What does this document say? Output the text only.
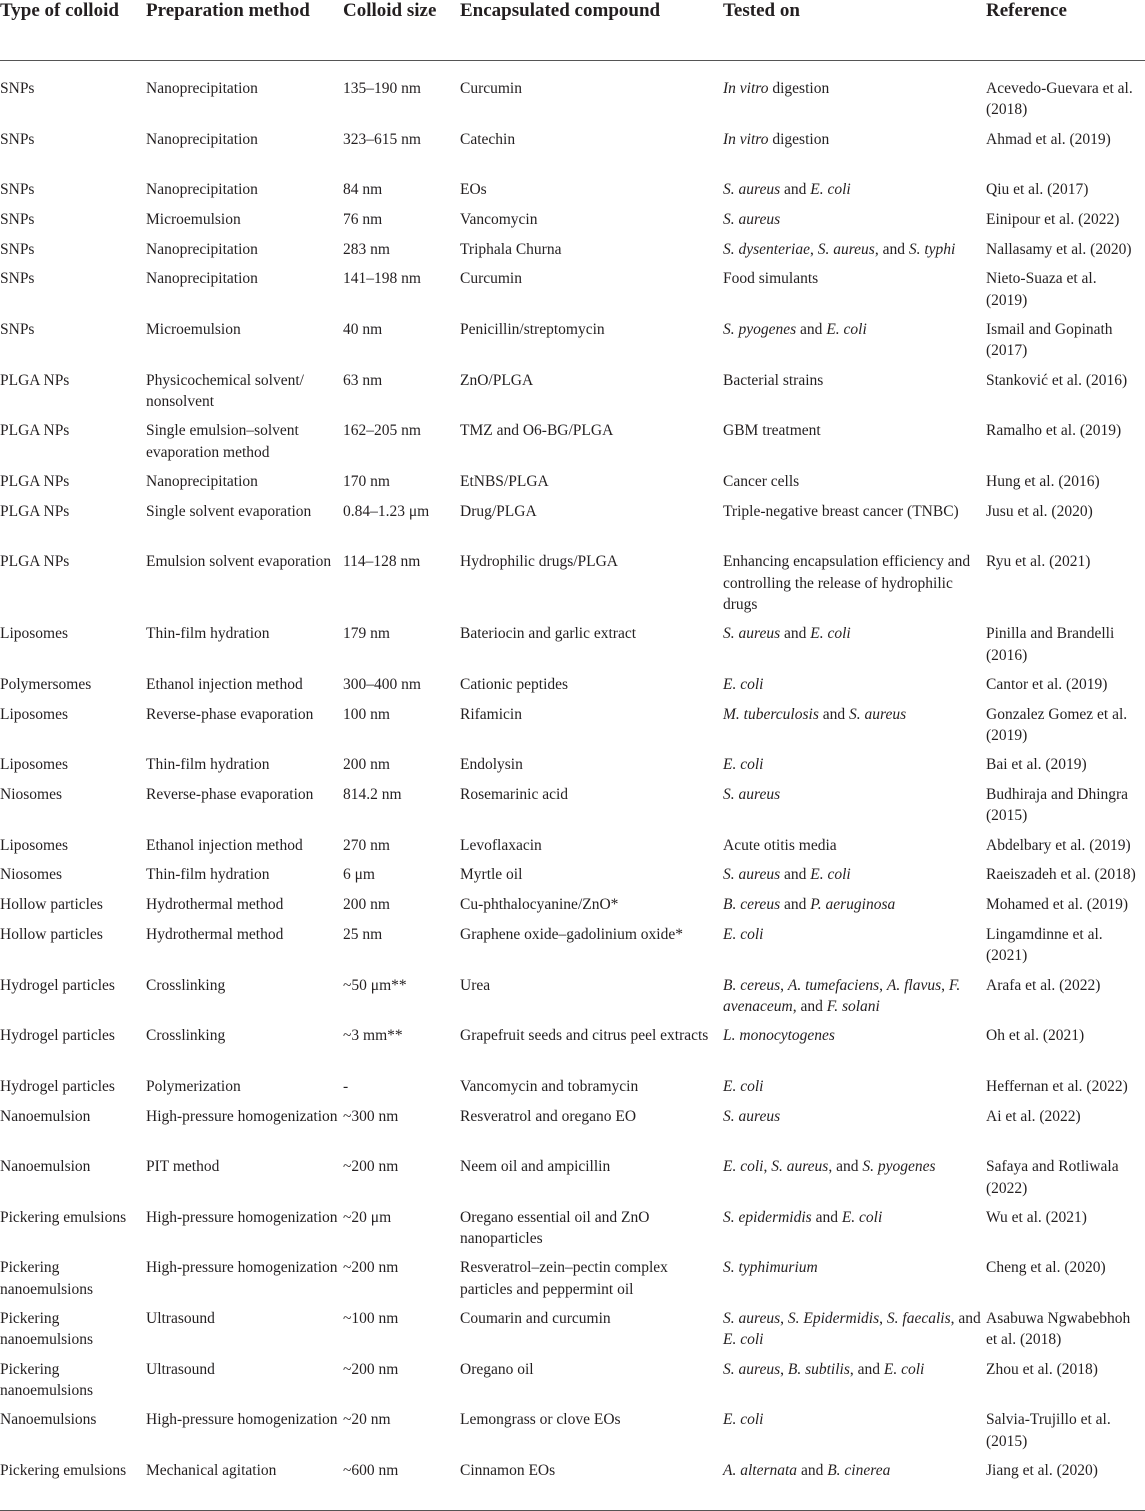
Type of colloid	Preparation method	Colloid size	Encapsulated compound	Tested on	Reference
SNPs	Nanoprecipitation	135–190 nm	Curcumin	In vitro digestion	Acevedo-Guevara et al. (2018)
SNPs	Nanoprecipitation	323–615 nm	Catechin	In vitro digestion	Ahmad et al. (2019)
SNPs	Nanoprecipitation	84 nm	EOs	S. aureus and E. coli	Qiu et al. (2017)
SNPs	Microemulsion	76 nm	Vancomycin	S. aureus	Einipour et al. (2022)
SNPs	Nanoprecipitation	283 nm	Triphala Churna	S. dysenteriae, S. aureus, and S. typhi	Nallasamy et al. (2020)
SNPs	Nanoprecipitation	141–198 nm	Curcumin	Food simulants	Nieto-Suaza et al. (2019)
SNPs	Microemulsion	40 nm	Penicillin/streptomycin	S. pyogenes and E. coli	Ismail and Gopinath (2017)
PLGA NPs	Physicochemical solvent/ nonsolvent	63 nm	ZnO/PLGA	Bacterial strains	Stanković et al. (2016)
PLGA NPs	Single emulsion–solvent evaporation method	162–205 nm	TMZ and O6-BG/PLGA	GBM treatment	Ramalho et al. (2019)
PLGA NPs	Nanoprecipitation	170 nm	EtNBS/PLGA	Cancer cells	Hung et al. (2016)
PLGA NPs	Single solvent evaporation	0.84–1.23 μm	Drug/PLGA	Triple-negative breast cancer (TNBC)	Jusu et al. (2020)
PLGA NPs	Emulsion solvent evaporation	114–128 nm	Hydrophilic drugs/PLGA	Enhancing encapsulation efficiency and controlling the release of hydrophilic drugs	Ryu et al. (2021)
Liposomes	Thin-film hydration	179 nm	Bateriocin and garlic extract	S. aureus and E. coli	Pinilla and Brandelli (2016)
Polymersomes	Ethanol injection method	300–400 nm	Cationic peptides	E. coli	Cantor et al. (2019)
Liposomes	Reverse-phase evaporation	100 nm	Rifamicin	M. tuberculosis and S. aureus	Gonzalez Gomez et al. (2019)
Liposomes	Thin-film hydration	200 nm	Endolysin	E. coli	Bai et al. (2019)
Niosomes	Reverse-phase evaporation	814.2 nm	Rosemarinic acid	S. aureus	Budhiraja and Dhingra (2015)
Liposomes	Ethanol injection method	270 nm	Levoflaxacin	Acute otitis media	Abdelbary et al. (2019)
Niosomes	Thin-film hydration	6 μm	Myrtle oil	S. aureus and E. coli	Raeiszadeh et al. (2018)
Hollow particles	Hydrothermal method	200 nm	Cu-phthalocyanine/ZnO*	B. cereus and P. aeruginosa	Mohamed et al. (2019)
Hollow particles	Hydrothermal method	25 nm	Graphene oxide–gadolinium oxide*	E. coli	Lingamdinne et al. (2021)
Hydrogel particles	Crosslinking	~50 μm**	Urea	B. cereus, A. tumefaciens, A. flavus, F. avenaceum, and F. solani	Arafa et al. (2022)
Hydrogel particles	Crosslinking	~3 mm**	Grapefruit seeds and citrus peel extracts	L. monocytogenes	Oh et al. (2021)
Hydrogel particles	Polymerization	-	Vancomycin and tobramycin	E. coli	Heffernan et al. (2022)
Nanoemulsion	High-pressure homogenization	~300 nm	Resveratrol and oregano EO	S. aureus	Ai et al. (2022)
Nanoemulsion	PIT method	~200 nm	Neem oil and ampicillin	E. coli, S. aureus, and S. pyogenes	Safaya and Rotliwala (2022)
Pickering emulsions	High-pressure homogenization	~20 μm	Oregano essential oil and ZnO nanoparticles	S. epidermidis and E. coli	Wu et al. (2021)
Pickering nanoemulsions	High-pressure homogenization	~200 nm	Resveratrol–zein–pectin complex particles and peppermint oil	S. typhimurium	Cheng et al. (2020)
Pickering nanoemulsions	Ultrasound	~100 nm	Coumarin and curcumin	S. aureus, S. Epidermidis, S. faecalis, and E. coli	Asabuwa Ngwabebhoh et al. (2018)
Pickering nanoemulsions	Ultrasound	~200 nm	Oregano oil	S. aureus, B. subtilis, and E. coli	Zhou et al. (2018)
Nanoemulsions	High-pressure homogenization	~20 nm	Lemongrass or clove EOs	E. coli	Salvia-Trujillo et al. (2015)
Pickering emulsions	Mechanical agitation	~600 nm	Cinnamon EOs	A. alternata and B. cinerea	Jiang et al. (2020)
